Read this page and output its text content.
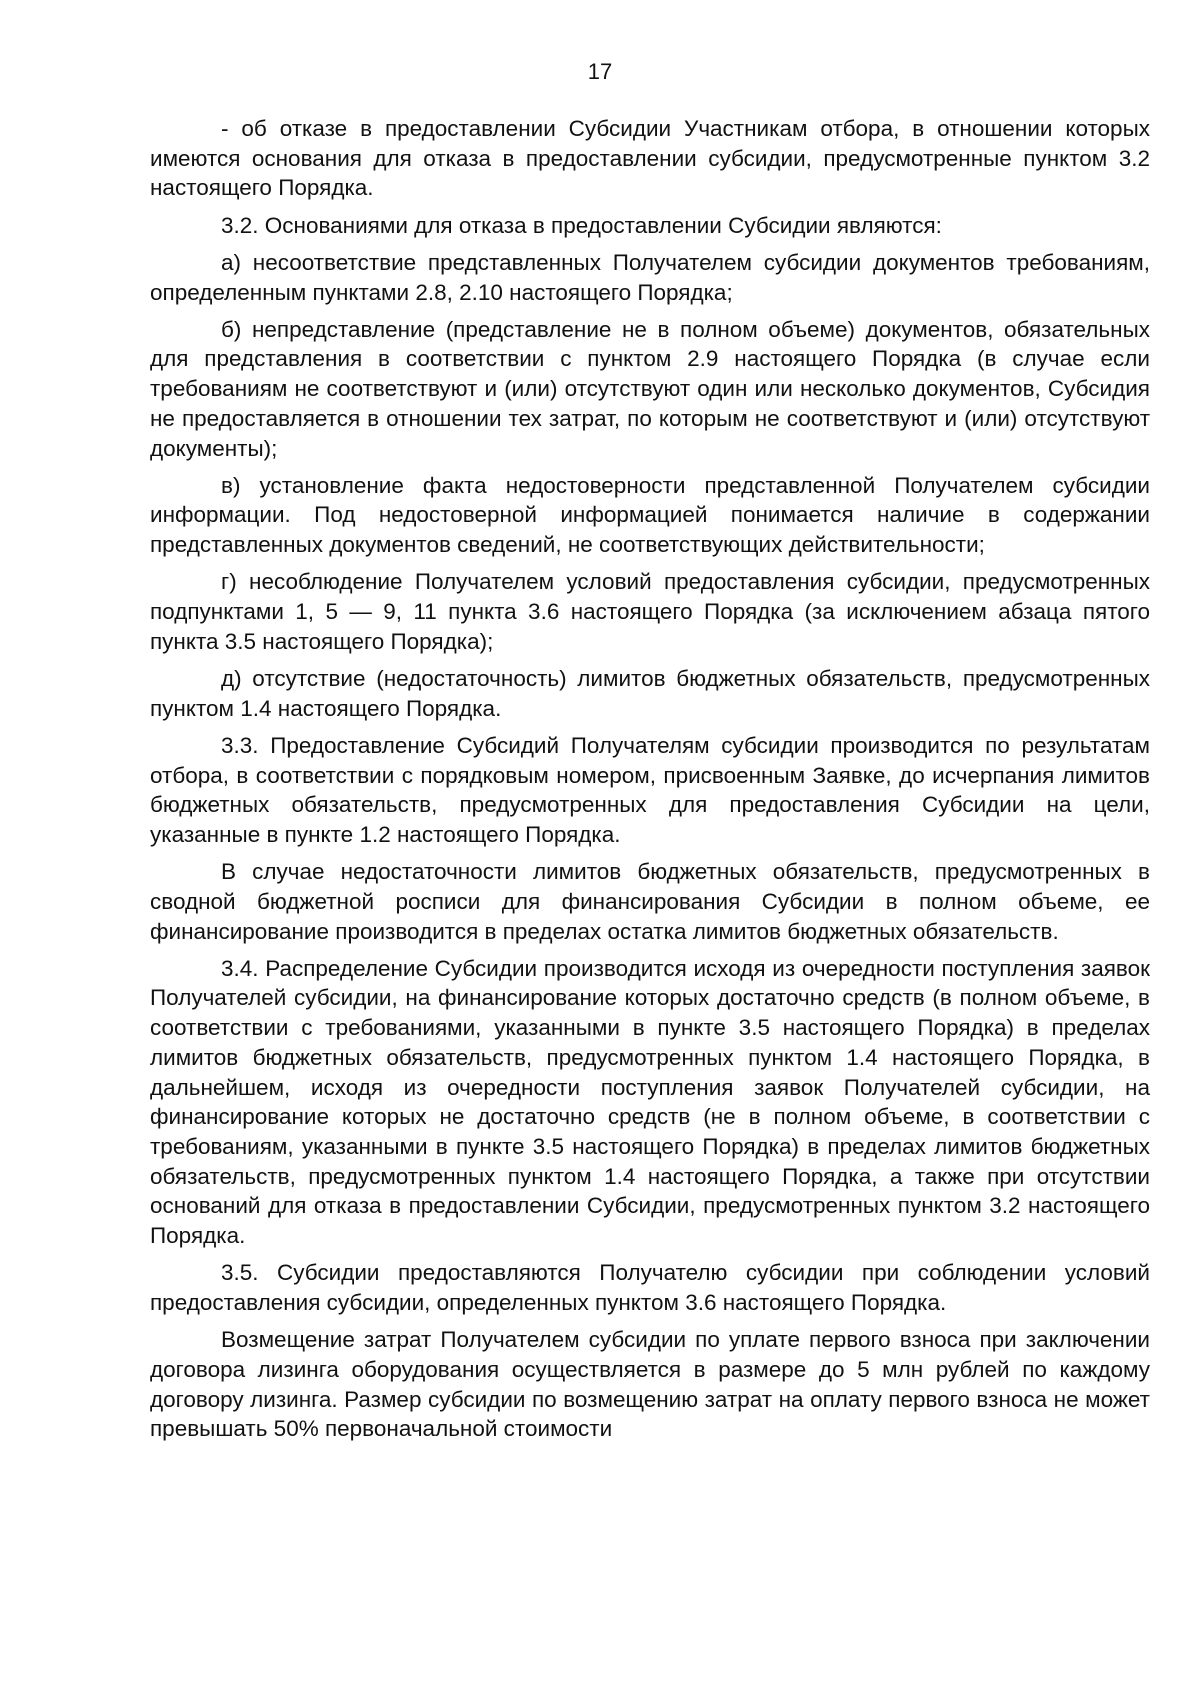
17

- об отказе в предоставлении Субсидии Участникам отбора, в отношении которых имеются основания для отказа в предоставлении субсидии, предусмотренные пунктом 3.2 настоящего Порядка.

3.2. Основаниями для отказа в предоставлении Субсидии являются:

а) несоответствие представленных Получателем субсидии документов требованиям, определенным пунктами 2.8, 2.10 настоящего Порядка;

б) непредставление (представление не в полном объеме) документов, обязательных для представления в соответствии с пунктом 2.9 настоящего Порядка (в случае если требованиям не соответствуют и (или) отсутствуют один или несколько документов, Субсидия не предоставляется в отношении тех затрат, по которым не соответствуют и (или) отсутствуют документы);

в) установление факта недостоверности представленной Получателем субсидии информации. Под недостоверной информацией понимается наличие в содержании представленных документов сведений, не соответствующих действительности;

г) несоблюдение Получателем условий предоставления субсидии, предусмотренных подпунктами 1, 5 — 9, 11 пункта 3.6 настоящего Порядка (за исключением абзаца пятого пункта 3.5 настоящего Порядка);

д) отсутствие (недостаточность) лимитов бюджетных обязательств, предусмотренных пунктом 1.4 настоящего Порядка.

3.3. Предоставление Субсидий Получателям субсидии производится по результатам отбора, в соответствии с порядковым номером, присвоенным Заявке, до исчерпания лимитов бюджетных обязательств, предусмотренных для предоставления Субсидии на цели, указанные в пункте 1.2 настоящего Порядка.

В случае недостаточности лимитов бюджетных обязательств, предусмотренных в сводной бюджетной росписи для финансирования Субсидии в полном объеме, ее финансирование производится в пределах остатка лимитов бюджетных обязательств.

3.4. Распределение Субсидии производится исходя из очередности поступления заявок Получателей субсидии, на финансирование которых достаточно средств (в полном объеме, в соответствии с требованиями, указанными в пункте 3.5 настоящего Порядка) в пределах лимитов бюджетных обязательств, предусмотренных пунктом 1.4 настоящего Порядка, в дальнейшем, исходя из очередности поступления заявок Получателей субсидии, на финансирование которых не достаточно средств (не в полном объеме, в соответствии с требованиям, указанными в пункте 3.5 настоящего Порядка) в пределах лимитов бюджетных обязательств, предусмотренных пунктом 1.4 настоящего Порядка, а также при отсутствии оснований для отказа в предоставлении Субсидии, предусмотренных пунктом 3.2 настоящего Порядка.

3.5. Субсидии предоставляются Получателю субсидии при соблюдении условий предоставления субсидии, определенных пунктом 3.6 настоящего Порядка.

Возмещение затрат Получателем субсидии по уплате первого взноса при заключении договора лизинга оборудования осуществляется в размере до 5 млн рублей по каждому договору лизинга. Размер субсидии по возмещению затрат на оплату первого взноса не может превышать 50% первоначальной стоимости
